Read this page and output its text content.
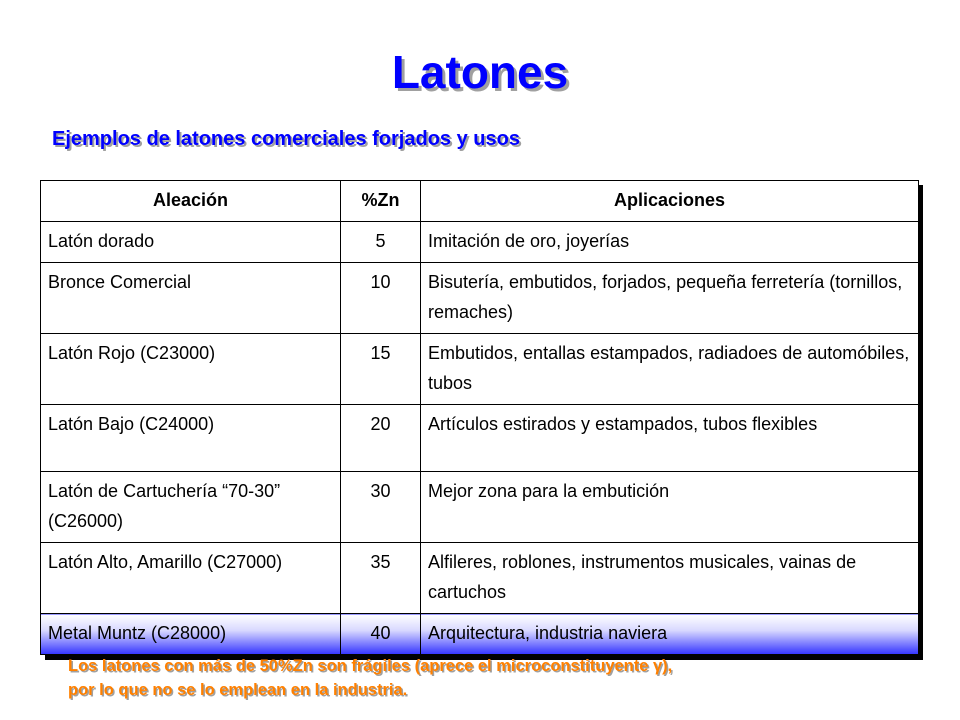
Latones
Ejemplos de latones comerciales forjados y usos
Aleación	%Zn	Aplicaciones
Latón dorado	5	Imitación de oro, joyerías
Bronce Comercial	10	Bisutería, embutidos, forjados, pequeña ferretería (tornillos, remaches)
Latón Rojo (C23000)	15	Embutidos, entallas estampados, radiadoes de automóbiles, tubos
Latón Bajo (C24000)	20	Artículos estirados y estampados, tubos flexibles
Latón de Cartuchería “70-30” (C26000)	30	Mejor zona para la embutición
Latón Alto, Amarillo (C27000)	35	Alfileres, roblones, instrumentos musicales, vainas de cartuchos
Metal Muntz (C28000)	40	Arquitectura, industria naviera

Los latones con más de 50%Zn son frágiles (aprece el microconstituyente γ),
por lo que no se lo emplean en la industria.
